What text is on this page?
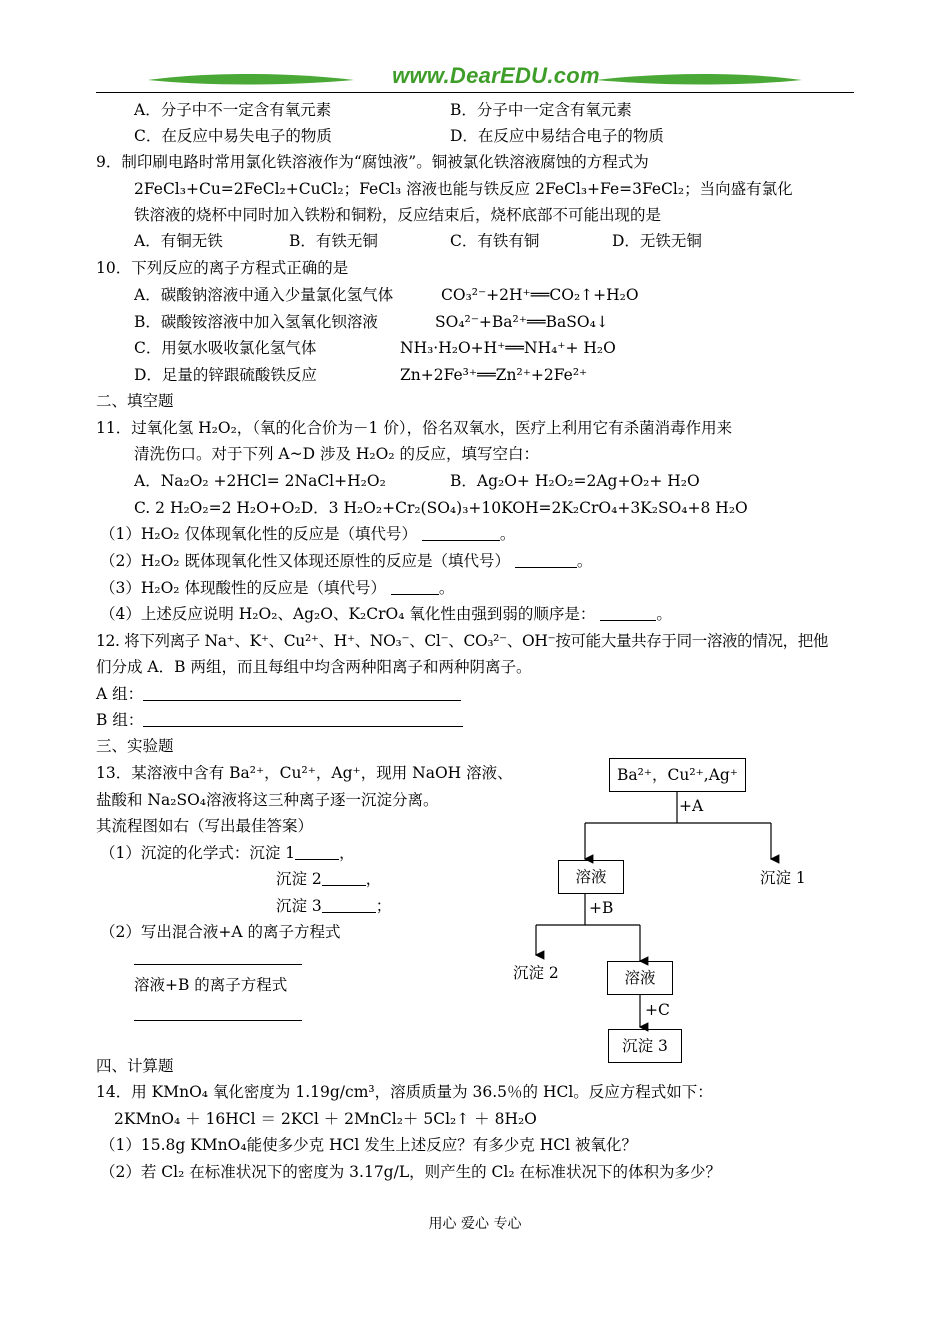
www.DearEDU.com
A．分子中不一定含有氧元素	B．分子中一定含有氧元素
C．在反应中易失电子的物质	D．在反应中易结合电子的物质
9．制印刷电路时常用氯化铁溶液作为“腐蚀液”。铜被氯化铁溶液腐蚀的方程式为
2FeCl₃+Cu=2FeCl₂+CuCl₂；FeCl₃ 溶液也能与铁反应 2FeCl₃+Fe=3FeCl₂；当向盛有氯化
铁溶液的烧杯中同时加入铁粉和铜粉，反应结束后，烧杯底部不可能出现的是
A．有铜无铁	B．有铁无铜	C．有铁有铜	D．无铁无铜
10．下列反应的离子方程式正确的是
A．碳酸钠溶液中通入少量氯化氢气体	CO₃²⁻+2H⁺══CO₂↑+H₂O
B．碳酸铵溶液中加入氢氧化钡溶液	SO₄²⁻+Ba²⁺══BaSO₄↓
C．用氨水吸收氯化氢气体	NH₃·H₂O+H⁺══NH₄⁺+ H₂O
D．足量的锌跟硫酸铁反应	Zn+2Fe³⁺══Zn²⁺+2Fe²⁺
二、填空题
11．过氧化氢 H₂O₂，（氧的化合价为－1 价），俗名双氧水，医疗上利用它有杀菌消毒作用来
清洗伤口。对于下列 A~D 涉及 H₂O₂ 的反应，填写空白：
A．Na₂O₂ +2HCl= 2NaCl+H₂O₂	B．Ag₂O+ H₂O₂=2Ag+O₂+ H₂O
C. 2 H₂O₂=2 H₂O+O₂D．3 H₂O₂+Cr₂(SO₄)₃+10KOH=2K₂CrO₄+3K₂SO₄+8 H₂O
（1）H₂O₂ 仅体现氧化性的反应是（填代号）	。
（2）H₂O₂ 既体现氧化性又体现还原性的反应是（填代号）	。
（3）H₂O₂ 体现酸性的反应是（填代号）	。
（4）上述反应说明 H₂O₂、Ag₂O、K₂CrO₄ 氧化性由强到弱的顺序是：	。
12. 将下列离子 Na⁺、K⁺、Cu²⁺、H⁺、NO₃⁻、Cl⁻、CO₃²⁻、OH⁻按可能大量共存于同一溶液的情况，把他
们分成 A．B 两组，而且每组中均含两种阳离子和两种阴离子。
A 组：
B 组：
三、实验题
13．某溶液中含有 Ba²⁺，Cu²⁺，Ag⁺，现用 NaOH 溶液、
盐酸和 Na₂SO₄溶液将这三种离子逐一沉淀分离。
其流程图如右（写出最佳答案）
（1）沉淀的化学式：沉淀 1	，
沉淀 2	，
沉淀 3	；
（2）写出混合液+A 的离子方程式
溶液+B 的离子方程式
Ba²⁺，Cu²⁺,Ag⁺
+A
溶液	沉淀 1
+B
沉淀 2	溶液
+C
沉淀 3
四、计算题
14．用 KMnO₄ 氧化密度为 1.19g/cm³，溶质质量为 36.5％的 HCl。反应方程式如下：
2KMnO₄ ＋ 16HCl ＝ 2KCl ＋ 2MnCl₂＋ 5Cl₂↑ ＋ 8H₂O
（1）15.8g KMnO₄能使多少克 HCl 发生上述反应？有多少克 HCl 被氧化？
（2）若 Cl₂ 在标准状况下的密度为 3.17g/L，则产生的 Cl₂ 在标准状况下的体积为多少？
用心 爱心 专心
